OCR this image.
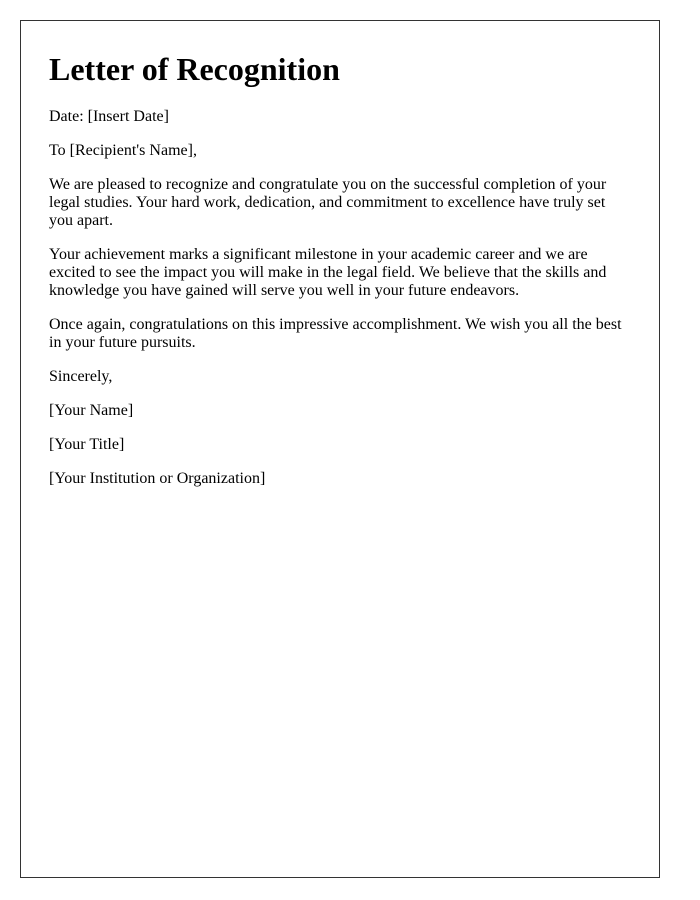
Letter of Recognition

Date: [Insert Date]

To [Recipient's Name],

We are pleased to recognize and congratulate you on the successful completion of your legal studies. Your hard work, dedication, and commitment to excellence have truly set you apart.

Your achievement marks a significant milestone in your academic career and we are excited to see the impact you will make in the legal field. We believe that the skills and knowledge you have gained will serve you well in your future endeavors.

Once again, congratulations on this impressive accomplishment. We wish you all the best in your future pursuits.

Sincerely,

[Your Name]

[Your Title]

[Your Institution or Organization]
